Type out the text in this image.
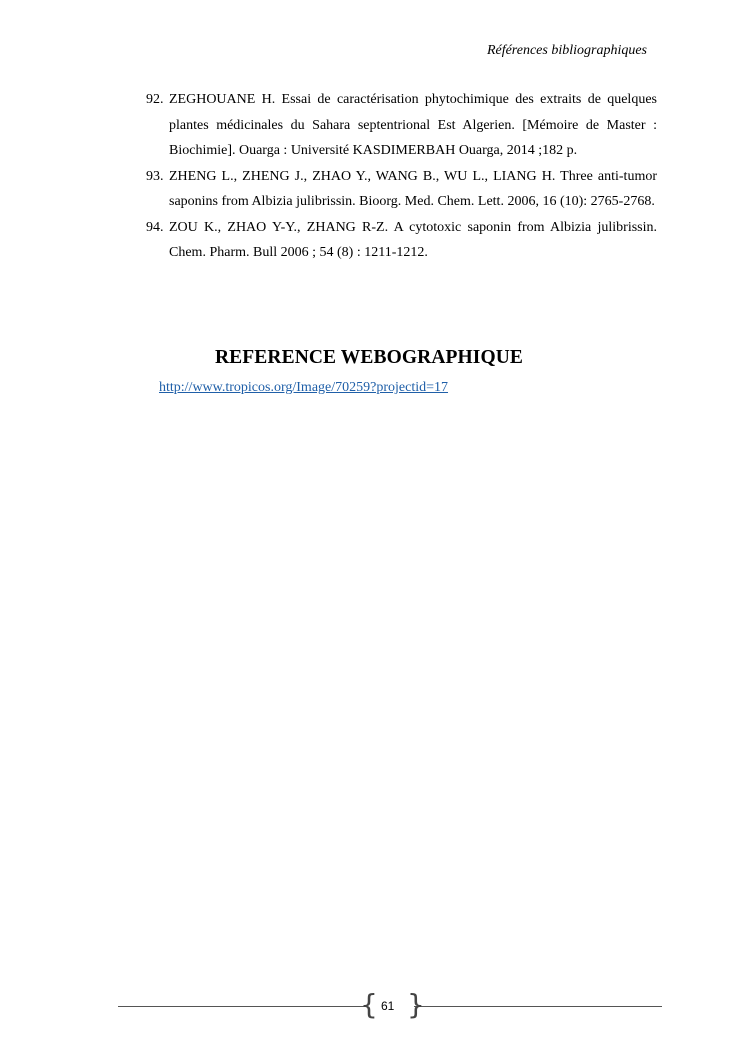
Références bibliographiques
92. ZEGHOUANE H. Essai de caractérisation phytochimique des extraits de quelques plantes médicinales du Sahara septentrional Est Algerien. [Mémoire de Master : Biochimie]. Ouarga : Université KASDIMERBAH Ouarga, 2014 ;182 p.
93. ZHENG L., ZHENG J., ZHAO Y., WANG B., WU L., LIANG H. Three anti-tumor saponins from Albizia julibrissin. Bioorg. Med. Chem. Lett. 2006, 16 (10): 2765-2768.
94. ZOU K., ZHAO Y-Y., ZHANG R-Z. A cytotoxic saponin from Albizia julibrissin. Chem. Pharm. Bull 2006 ; 54 (8) : 1211-1212.
REFERENCE WEBOGRAPHIQUE
http://www.tropicos.org/Image/70259?projectid=17
{ }
61
